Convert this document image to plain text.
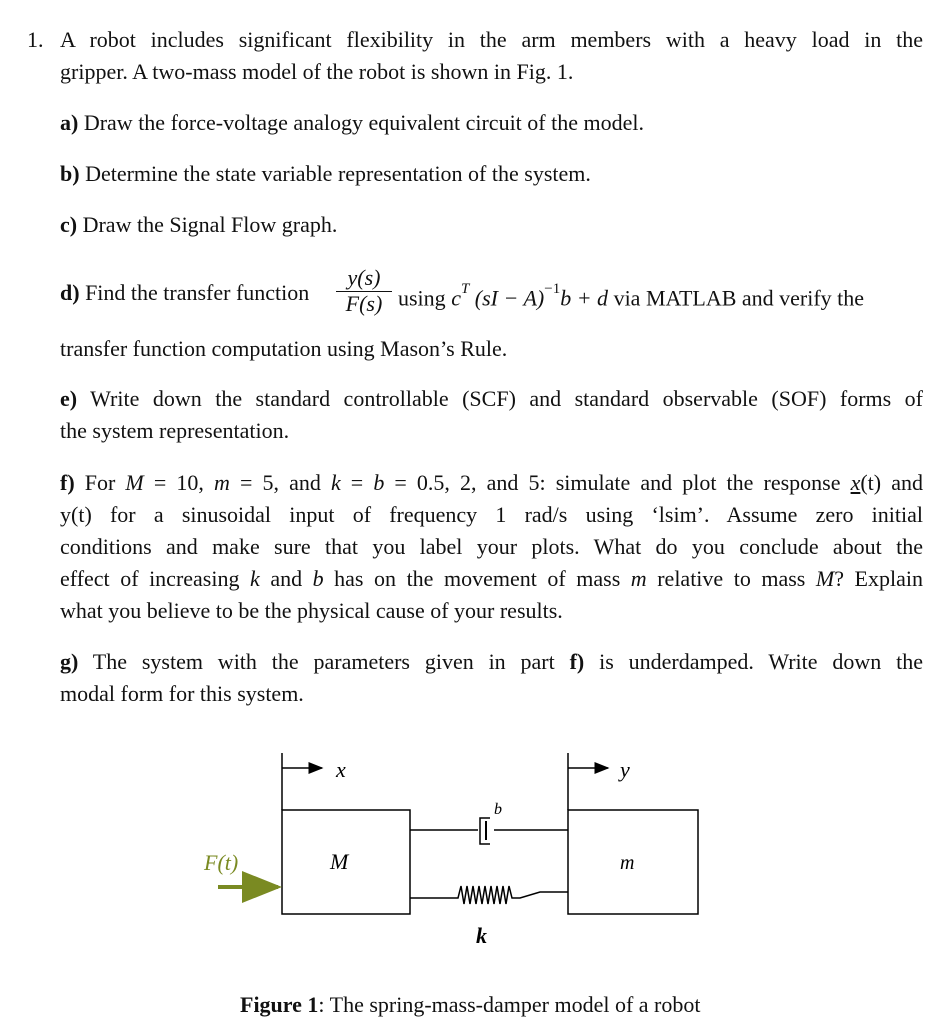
1. A robot includes significant flexibility in the arm members with a heavy load in the
gripper. A two-mass model of the robot is shown in Fig. 1.
a) Draw the force-voltage analogy equivalent circuit of the model.
b) Determine the state variable representation of the system.
c) Draw the Signal Flow graph.
d) Find the transfer function
y(s)
F(s) using $c^T$ (sI − A)$^{-1}$b + d via MATLAB and verify the
transfer function computation using Mason’s Rule.
e) Write down the standard controllable (SCF) and standard observable (SOF) forms of
the system representation.
f) For M = 10, m = 5, and k = b = 0.5, 2, and 5: simulate and plot the response x(t) and
y(t) for a sinusoidal input of frequency 1 rad/s using ‘lsim’. Assume zero initial
conditions and make sure that you label your plots. What do you conclude about the
effect of increasing k and b has on the movement of mass m relative to mass M? Explain
what you believe to be the physical cause of your results.
g) The system with the parameters given in part f) is underdamped. Write down the
modal form for this system.
x	y
M	m
F(t)
b
k
Figure 1: The spring-mass-damper model of a robot
